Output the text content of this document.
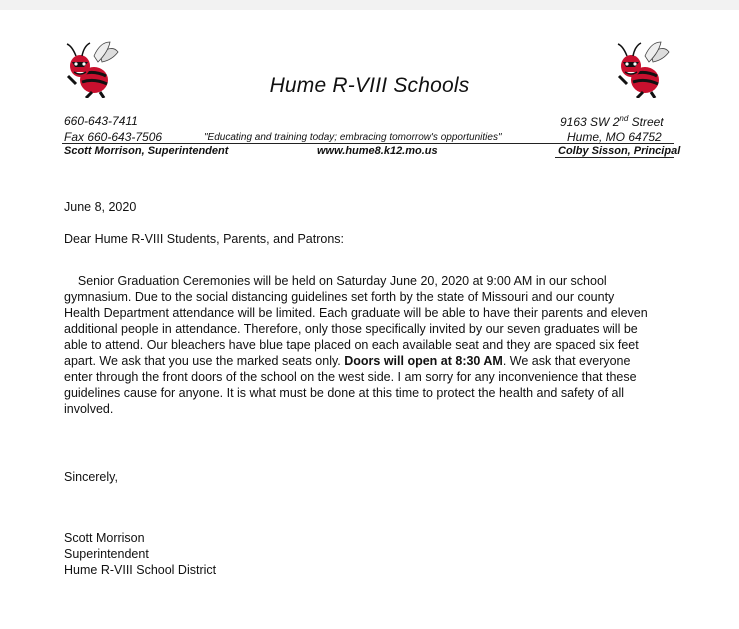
Hume R-VIII Schools
660-643-7411	9163 SW 2nd Street
Fax 660-643-7506	"Educating and training today; embracing tomorrow's opportunities"	Hume, MO 64752
Scott Morrison, Superintendent	www.hume8.k12.mo.us	Colby Sisson, Principal
June 8, 2020
Dear Hume R-VIII Students, Parents, and Patrons:
Senior Graduation Ceremonies will be held on Saturday June 20, 2020 at 9:00 AM in our school
gymnasium. Due to the social distancing guidelines set forth by the state of Missouri and our county
Health Department attendance will be limited. Each graduate will be able to have their parents and eleven
additional people in attendance. Therefore, only those specifically invited by our seven graduates will be
able to attend. Our bleachers have blue tape placed on each available seat and they are spaced six feet
apart. We ask that you use the marked seats only. Doors will open at 8:30 AM. We ask that everyone
enter through the front doors of the school on the west side. I am sorry for any inconvenience that these
guidelines cause for anyone. It is what must be done at this time to protect the health and safety of all
involved.
Sincerely,
Scott Morrison
Superintendent
Hume R-VIII School District
